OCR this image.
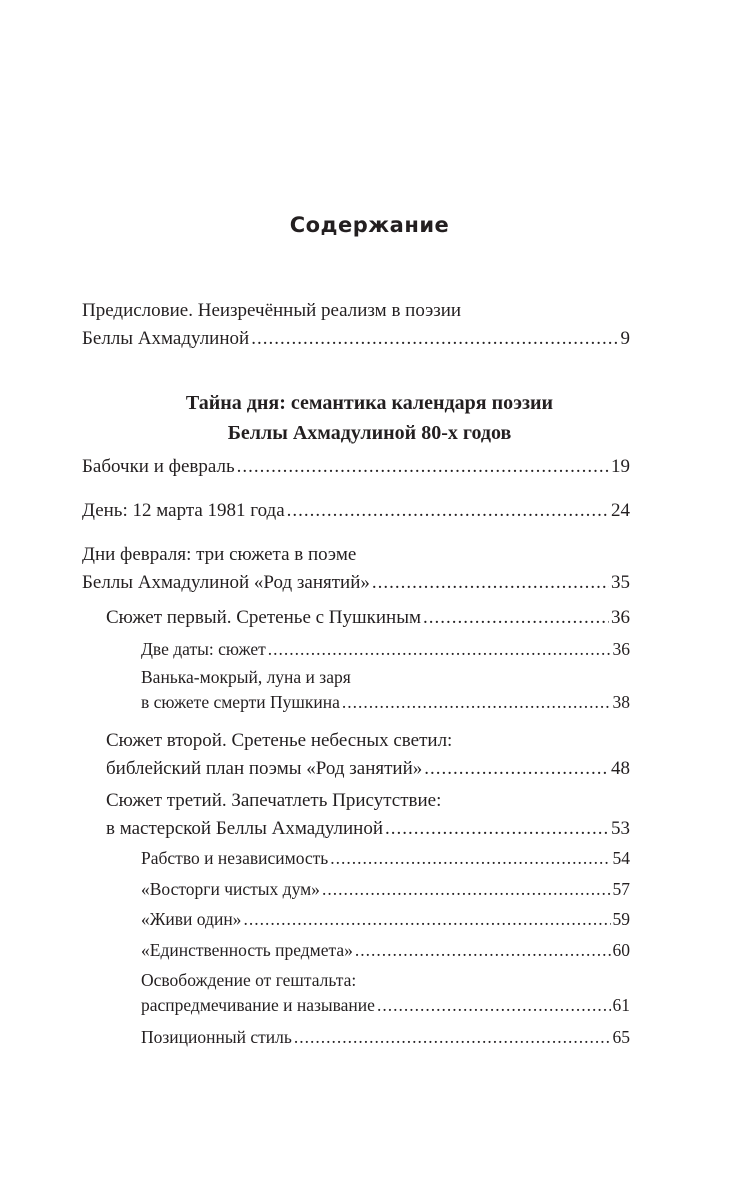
Содержание
Предисловие. Неизречённый реализм в поэзии
Беллы Ахмадулиной .....	9
Тайна дня: семантика календаря поэзии
Беллы Ахмадулиной 80-х годов
Бабочки и февраль .....	19
День: 12 марта 1981 года .....	24
Дни февраля: три сюжета в поэме
Беллы Ахмадулиной «Род занятий» .....	35
Сюжет первый. Сретенье с Пушкиным .....	36
Две даты: сюжет .....	36
Ванька-мокрый, луна и заря
в сюжете смерти Пушкина .....	38
Сюжет второй. Сретенье небесных светил:
библейский план поэмы «Род занятий» .....	48
Сюжет третий. Запечатлеть Присутствие:
в мастерской Беллы Ахмадулиной .....	53
Рабство и независимость .....	54
«Восторги чистых дум» .....	57
«Живи один» .....	59
«Единственность предмета» .....	60
Освобождение от гештальта:
распредмечивание и называние .....	61
Позиционный стиль .....	65
